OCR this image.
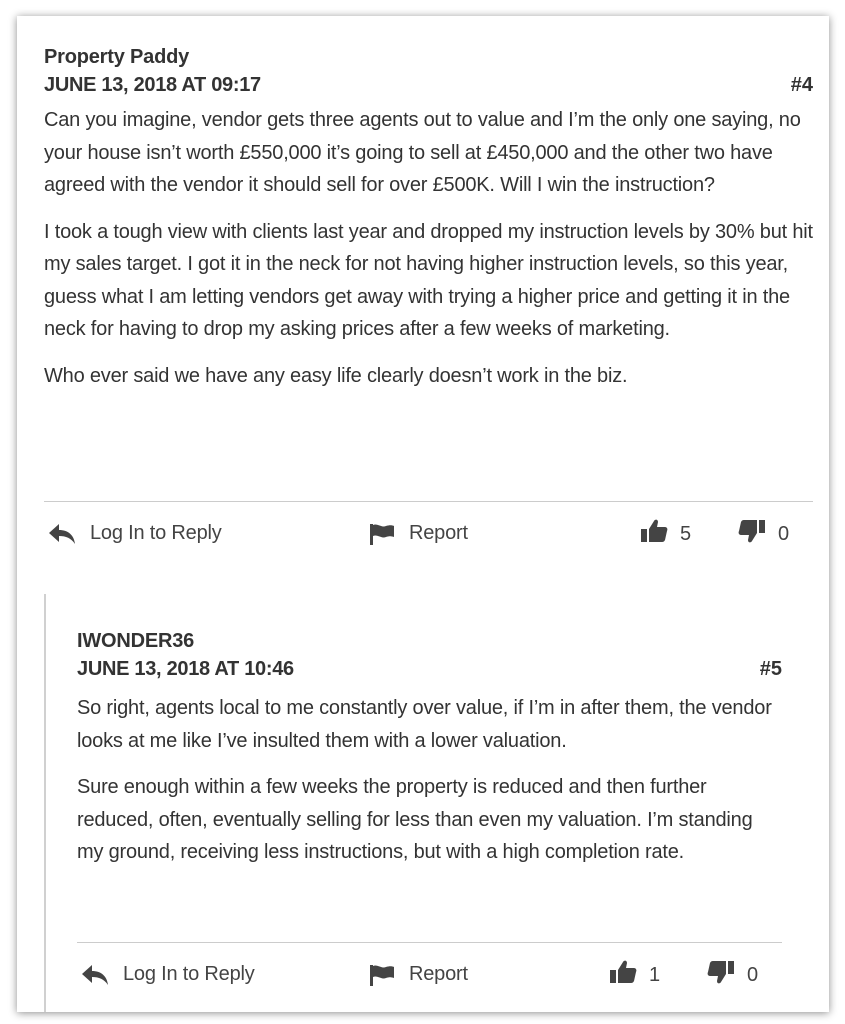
Property Paddy
JUNE 13, 2018 AT 09:17	#4

Can you imagine, vendor gets three agents out to value and I’m the only one saying, no your house isn’t worth £550,000 it’s going to sell at £450,000 and the other two have agreed with the vendor it should sell for over £500K. Will I win the instruction?

I took a tough view with clients last year and dropped my instruction levels by 30% but hit my sales target. I got it in the neck for not having higher instruction levels, so this year, guess what I am letting vendors get away with trying a higher price and getting it in the neck for having to drop my asking prices after a few weeks of marketing.

Who ever said we have any easy life clearly doesn’t work in the biz.

Log In to Reply	Report	5	0
IWONDER36
JUNE 13, 2018 AT 10:46	#5

So right, agents local to me constantly over value, if I’m in after them, the vendor looks at me like I’ve insulted them with a lower valuation.

Sure enough within a few weeks the property is reduced and then further reduced, often, eventually selling for less than even my valuation. I’m standing my ground, receiving less instructions, but with a high completion rate.

Log In to Reply	Report	1	0
